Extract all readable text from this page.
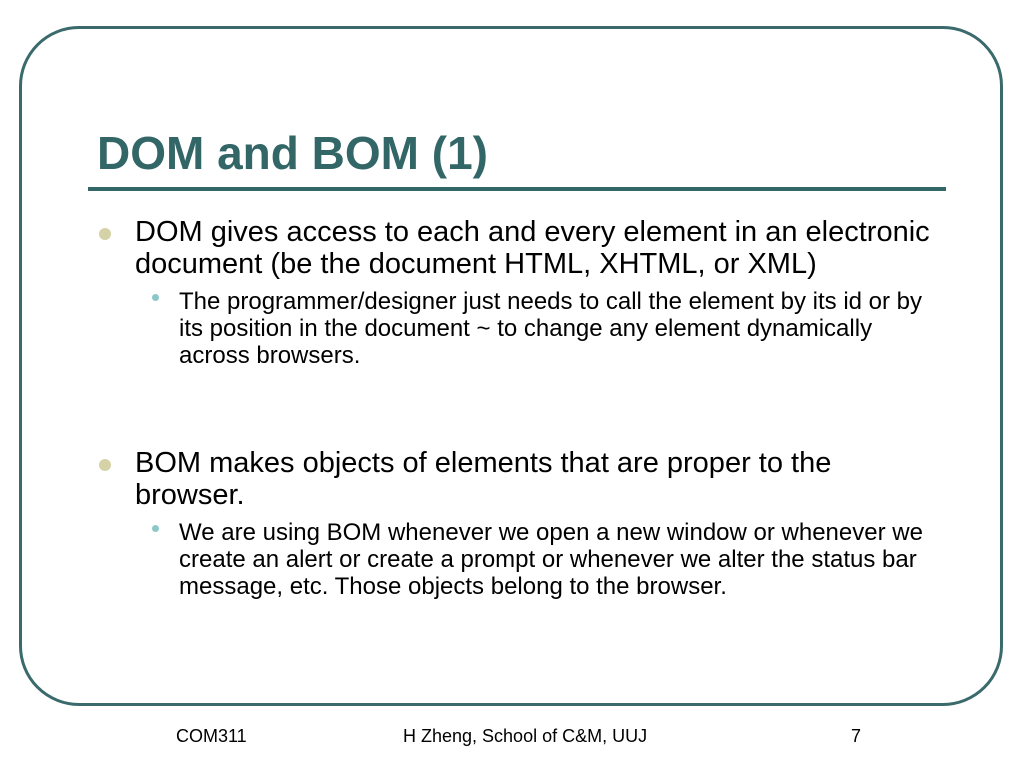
DOM and BOM (1)
DOM gives access to each and every element in an electronic document (be the document HTML, XHTML, or XML)
The programmer/designer just needs to call the element by its id or by its position in the document ~ to change any element dynamically across browsers.
BOM makes objects of elements that are proper to the browser.
We are using BOM whenever we open a new window or whenever we create an alert or create a prompt or whenever we alter the status bar message, etc. Those objects belong to the browser.
COM311	H Zheng, School of C&M, UUJ	7
